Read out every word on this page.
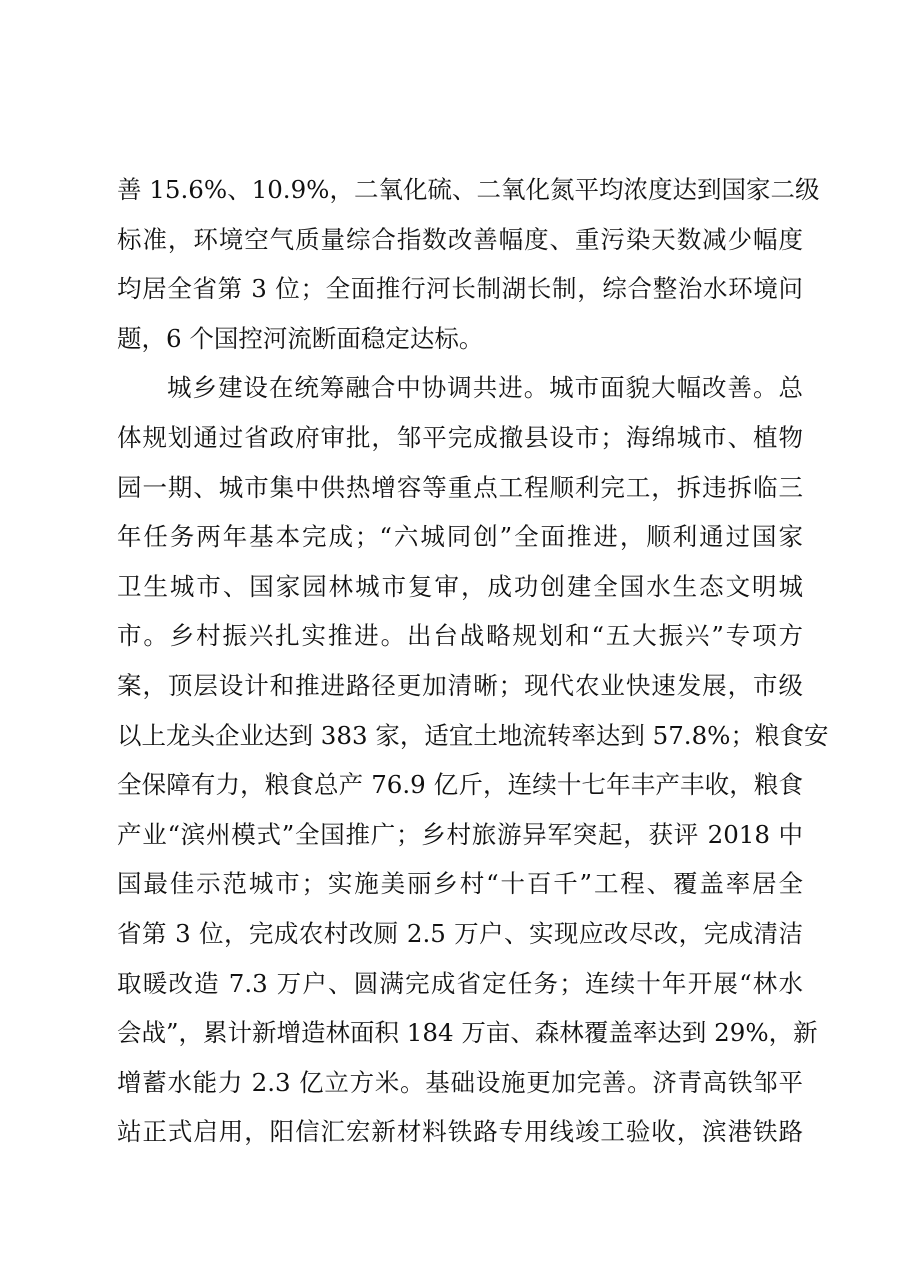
善 15.6%、10.9%，二氧化硫、二氧化氮平均浓度达到国家二级
标准，环境空气质量综合指数改善幅度、重污染天数减少幅度
均居全省第 3 位；全面推行河长制湖长制，综合整治水环境问
题，6 个国控河流断面稳定达标。
城乡建设在统筹融合中协调共进。城市面貌大幅改善。总
体规划通过省政府审批，邹平完成撤县设市；海绵城市、植物
园一期、城市集中供热增容等重点工程顺利完工，拆违拆临三
年任务两年基本完成；“六城同创”全面推进，顺利通过国家
卫生城市、国家园林城市复审，成功创建全国水生态文明城
市。乡村振兴扎实推进。出台战略规划和“五大振兴”专项方
案，顶层设计和推进路径更加清晰；现代农业快速发展，市级
以上龙头企业达到 383 家，适宜土地流转率达到 57.8%；粮食安
全保障有力，粮食总产 76.9 亿斤，连续十七年丰产丰收，粮食
产业“滨州模式”全国推广；乡村旅游异军突起，获评 2018 中
国最佳示范城市；实施美丽乡村“十百千”工程、覆盖率居全
省第 3 位，完成农村改厕 2.5 万户、实现应改尽改，完成清洁
取暖改造 7.3 万户、圆满完成省定任务；连续十年开展“林水
会战”，累计新增造林面积 184 万亩、森林覆盖率达到 29%，新
增蓄水能力 2.3 亿立方米。基础设施更加完善。济青高铁邹平
站正式启用，阳信汇宏新材料铁路专用线竣工验收，滨港铁路
